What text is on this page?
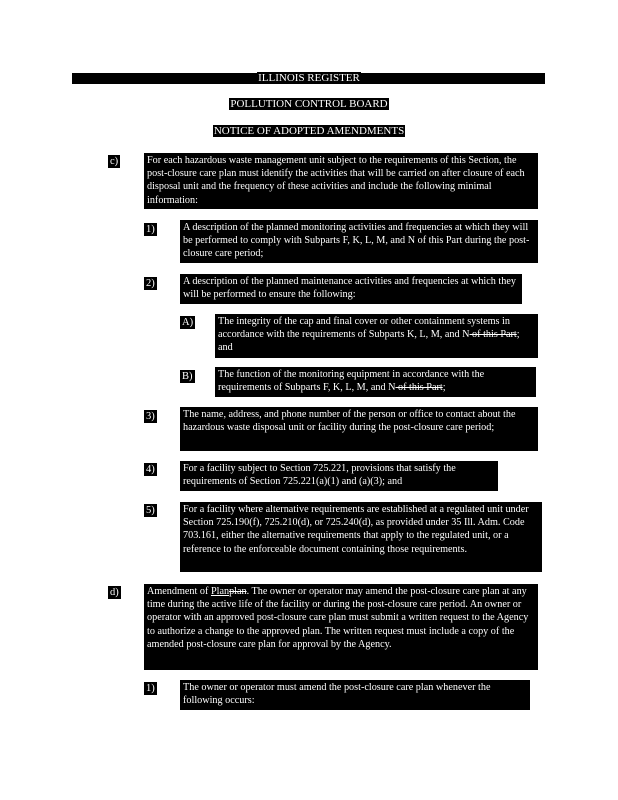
ILLINOIS REGISTER
POLLUTION CONTROL BOARD
NOTICE OF ADOPTED AMENDMENTS
c)	For each hazardous waste management unit subject to the requirements of this Section, the post-closure care plan must identify the activities that will be carried on after closure of each disposal unit and the frequency of these activities and include the following minimal information:

1)	A description of the planned monitoring activities and frequencies at which they will be performed to comply with Subparts F, K, L, M, and N of this Part during the post-closure care period;

2)	A description of the planned maintenance activities and frequencies at which they will be performed to ensure the following:

A) The integrity of the cap and final cover or other containment systems in accordance with the requirements of Subparts K, L, M, and N of this Part; and

B)	The function of the monitoring equipment in accordance with the requirements of Subparts F, K, L, M, and N of this Part;

3)	The name, address, and phone number of the person or office to contact about the hazardous waste disposal unit or facility during the post-closure care period;

4)	For a facility subject to Section 725.221, provisions that satisfy the requirements of Section 725.221(a)(1) and (a)(3); and

5)	For a facility where alternative requirements are established at a regulated unit under Section 725.190(f), 725.210(d), or 725.240(d), as provided under 35 Ill. Adm. Code 703.161, either the alternative requirements that apply to the regulated unit, or a reference to the enforceable document containing those requirements.

d)	Amendment of Planplan. The owner or operator may amend the post-closure care plan at any time during the active life of the facility or during the post-closure care period. An owner or operator with an approved post-closure care plan must submit a written request to the Agency to authorize a change to the approved plan. The written request must include a copy of the amended post-closure care plan for approval by the Agency.

1)	The owner or operator must amend the post-closure care plan whenever the following occurs:
